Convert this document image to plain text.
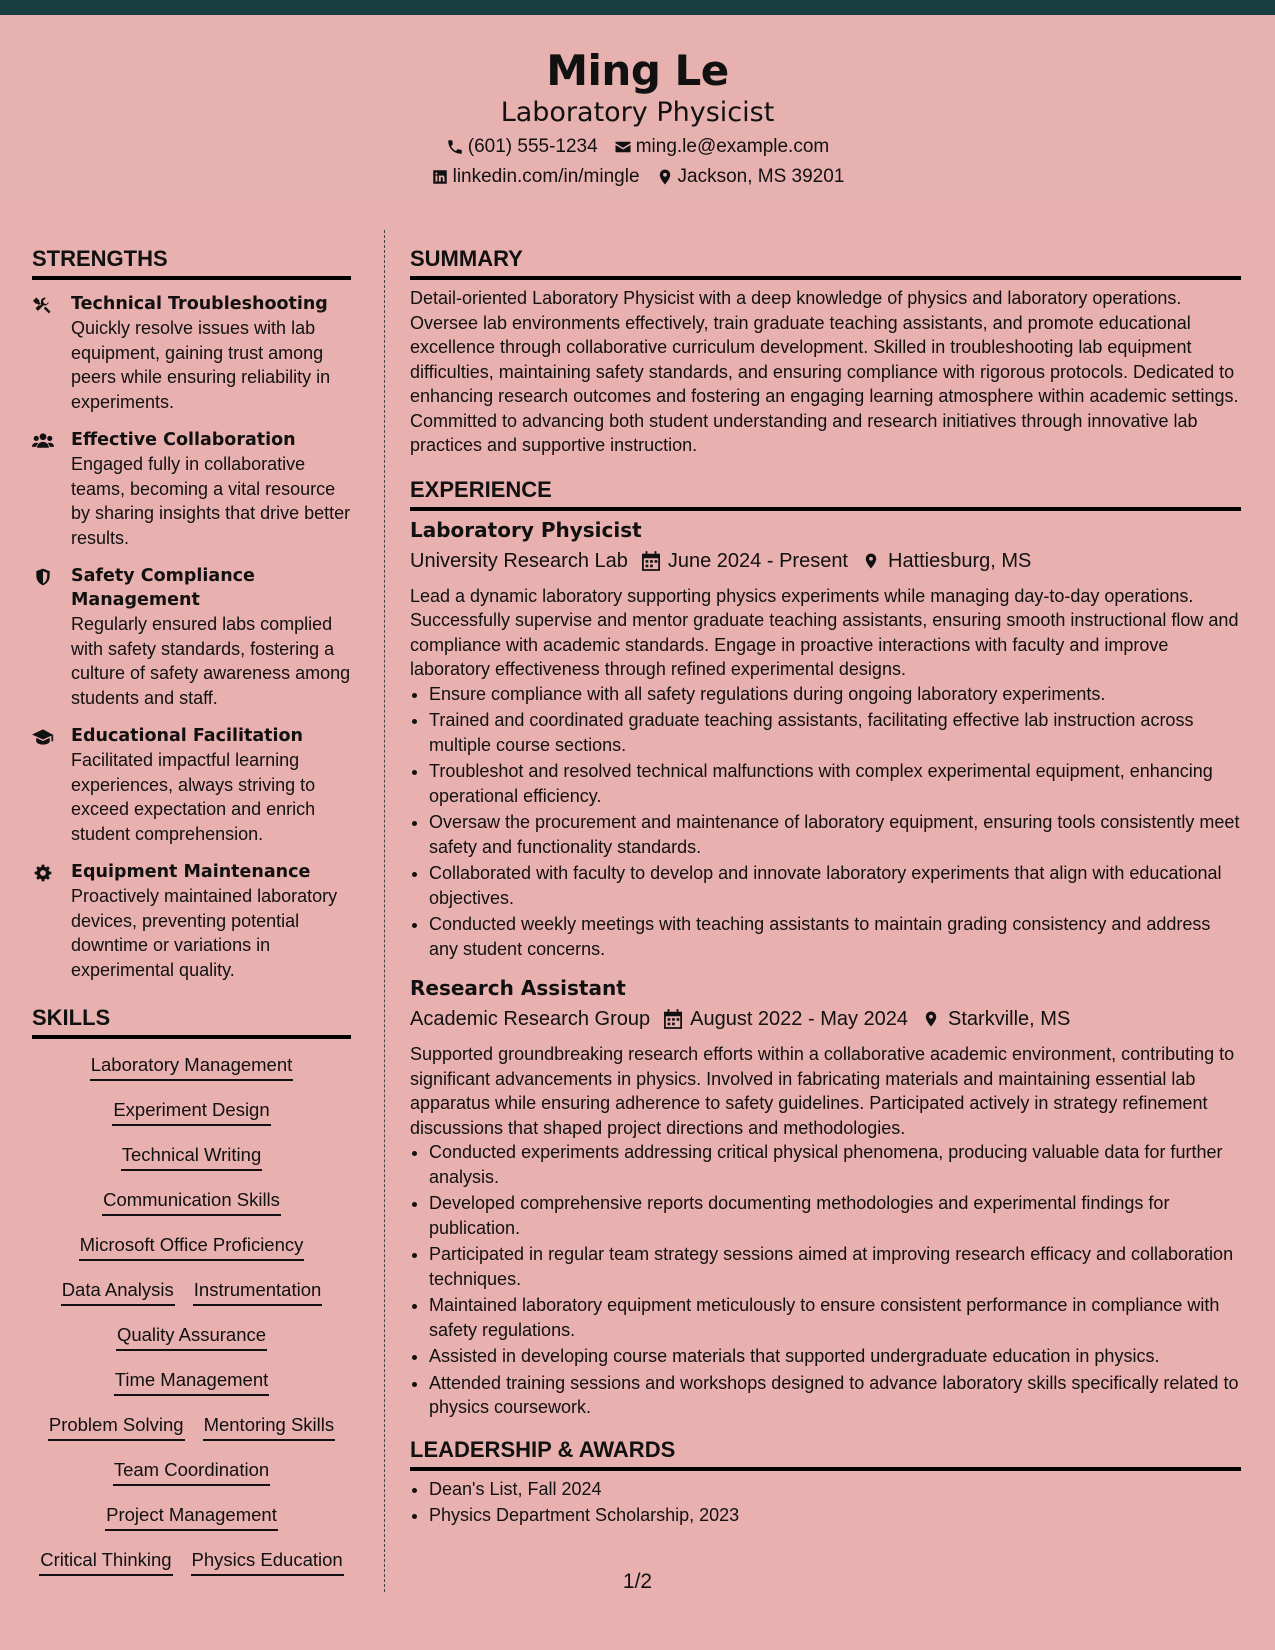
Ming Le
Laboratory Physicist
(601) 555-1234 ming.le@example.com
linkedin.com/in/mingle Jackson, MS 39201
STRENGTHS
Technical Troubleshooting
Quickly resolve issues with lab equipment, gaining trust among peers while ensuring reliability in experiments.
Effective Collaboration
Engaged fully in collaborative teams, becoming a vital resource by sharing insights that drive better results.
Safety Compliance Management
Regularly ensured labs complied with safety standards, fostering a culture of safety awareness among students and staff.
Educational Facilitation
Facilitated impactful learning experiences, always striving to exceed expectation and enrich student comprehension.
Equipment Maintenance
Proactively maintained laboratory devices, preventing potential downtime or variations in experimental quality.
SKILLS
Laboratory Management
Experiment Design
Technical Writing
Communication Skills
Microsoft Office Proficiency
Data Analysis Instrumentation
Quality Assurance
Time Management
Problem Solving Mentoring Skills
Team Coordination
Project Management
Critical Thinking Physics Education
SUMMARY
Detail-oriented Laboratory Physicist with a deep knowledge of physics and laboratory operations. Oversee lab environments effectively, train graduate teaching assistants, and promote educational excellence through collaborative curriculum development. Skilled in troubleshooting lab equipment difficulties, maintaining safety standards, and ensuring compliance with rigorous protocols. Dedicated to enhancing research outcomes and fostering an engaging learning atmosphere within academic settings. Committed to advancing both student understanding and research initiatives through innovative lab practices and supportive instruction.
EXPERIENCE
Laboratory Physicist
University Research Lab June 2024 - Present Hattiesburg, MS
Lead a dynamic laboratory supporting physics experiments while managing day-to-day operations. Successfully supervise and mentor graduate teaching assistants, ensuring smooth instructional flow and compliance with academic standards. Engage in proactive interactions with faculty and improve laboratory effectiveness through refined experimental designs.
• Ensure compliance with all safety regulations during ongoing laboratory experiments.
• Trained and coordinated graduate teaching assistants, facilitating effective lab instruction across multiple course sections.
• Troubleshot and resolved technical malfunctions with complex experimental equipment, enhancing operational efficiency.
• Oversaw the procurement and maintenance of laboratory equipment, ensuring tools consistently meet safety and functionality standards.
• Collaborated with faculty to develop and innovate laboratory experiments that align with educational objectives.
• Conducted weekly meetings with teaching assistants to maintain grading consistency and address any student concerns.
Research Assistant
Academic Research Group August 2022 - May 2024 Starkville, MS
Supported groundbreaking research efforts within a collaborative academic environment, contributing to significant advancements in physics. Involved in fabricating materials and maintaining essential lab apparatus while ensuring adherence to safety guidelines. Participated actively in strategy refinement discussions that shaped project directions and methodologies.
• Conducted experiments addressing critical physical phenomena, producing valuable data for further analysis.
• Developed comprehensive reports documenting methodologies and experimental findings for publication.
• Participated in regular team strategy sessions aimed at improving research efficacy and collaboration techniques.
• Maintained laboratory equipment meticulously to ensure consistent performance in compliance with safety regulations.
• Assisted in developing course materials that supported undergraduate education in physics.
• Attended training sessions and workshops designed to advance laboratory skills specifically related to physics coursework.
LEADERSHIP & AWARDS
• Dean's List, Fall 2024
• Physics Department Scholarship, 2023
1/2
